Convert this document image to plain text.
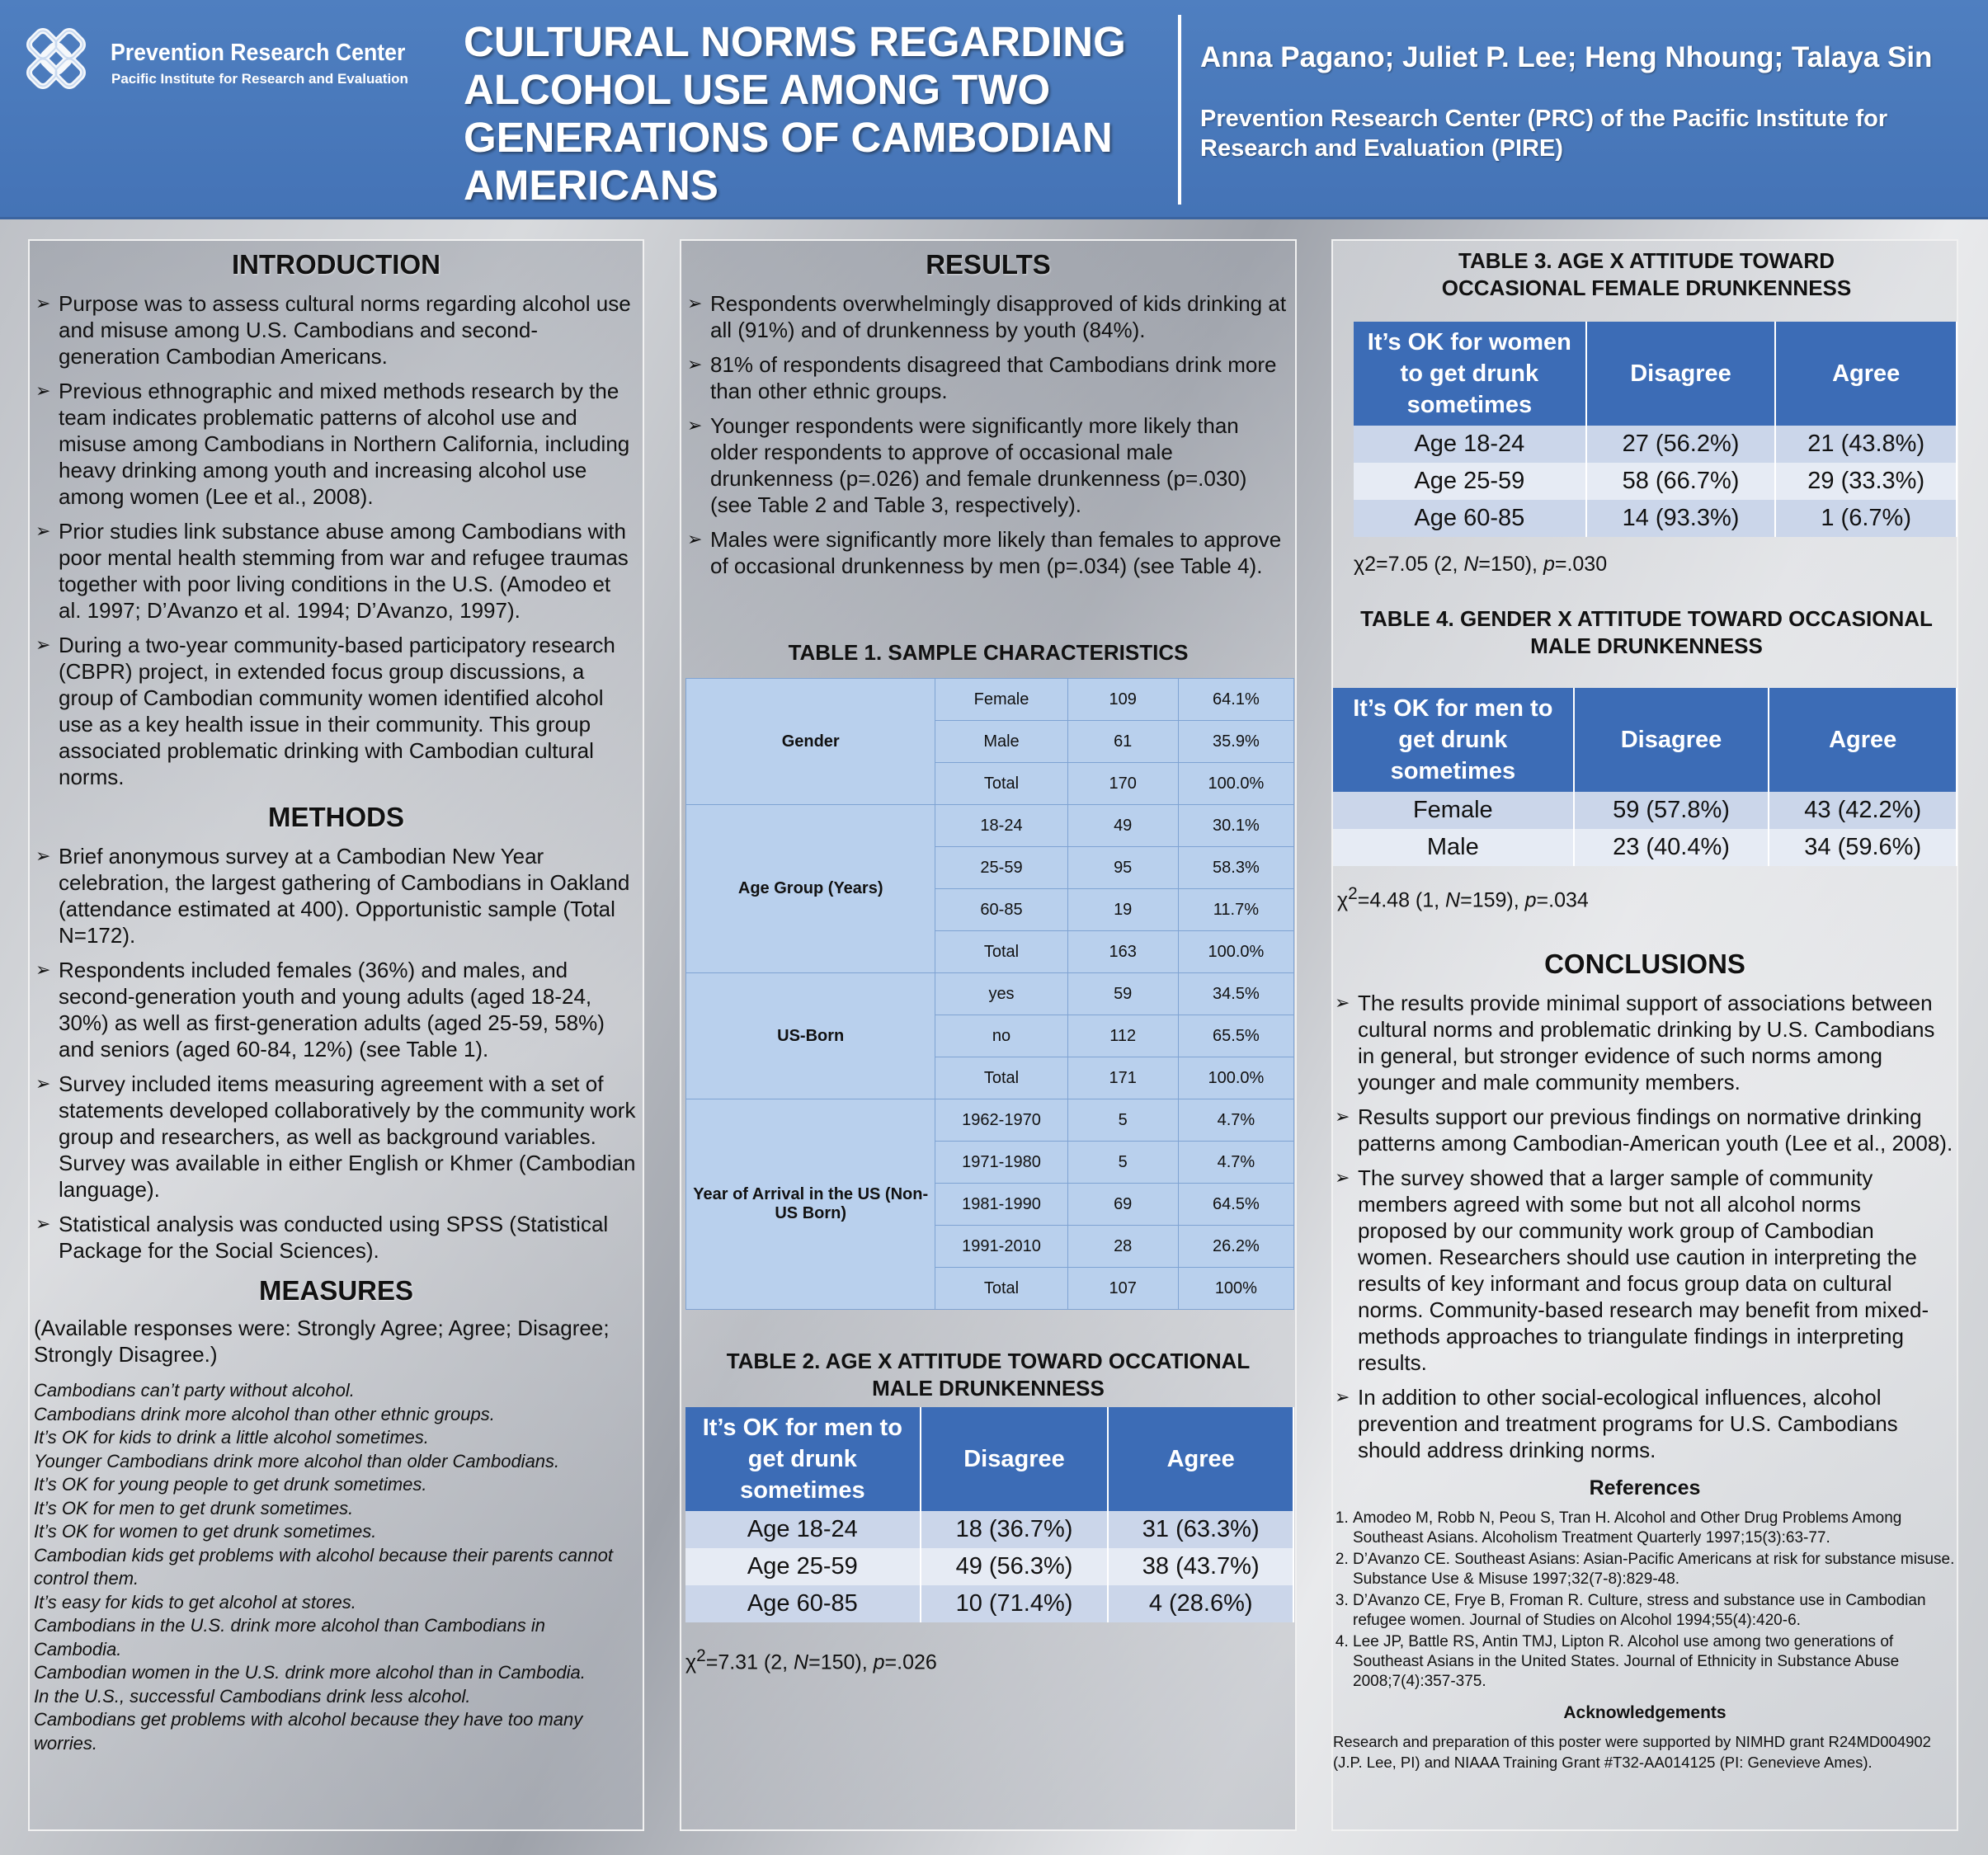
Prevention Research Center
Pacific Institute for Research and Evaluation
CULTURAL NORMS REGARDING ALCOHOL USE AMONG TWO GENERATIONS OF CAMBODIAN AMERICANS
Anna Pagano; Juliet P. Lee; Heng Nhoung; Talaya Sin
Prevention Research Center (PRC) of the Pacific Institute for Research and Evaluation (PIRE)
INTRODUCTION
➢ Purpose was to assess cultural norms regarding alcohol use and misuse among U.S. Cambodians and second-generation Cambodian Americans.
➢ Previous ethnographic and mixed methods research by the team indicates problematic patterns of alcohol use and misuse among Cambodians in Northern California, including heavy drinking among youth and increasing alcohol use among women (Lee et al., 2008).
➢ Prior studies link substance abuse among Cambodians with poor mental health stemming from war and refugee traumas together with poor living conditions in the U.S. (Amodeo et al. 1997; D’Avanzo et al. 1994; D’Avanzo, 1997).
➢ During a two-year community-based participatory research (CBPR) project, in extended focus group discussions, a group of Cambodian community women identified alcohol use as a key health issue in their community. This group associated problematic drinking with Cambodian cultural norms.
METHODS
➢ Brief anonymous survey at a Cambodian New Year celebration, the largest gathering of Cambodians in Oakland (attendance estimated at 400). Opportunistic sample (Total N=172).
➢ Respondents included females (36%) and males, and second-generation youth and young adults (aged 18-24, 30%) as well as first-generation adults (aged 25-59, 58%) and seniors (aged 60-84, 12%) (see Table 1).
➢ Survey included items measuring agreement with a set of statements developed collaboratively by the community work group and researchers, as well as background variables. Survey was available in either English or Khmer (Cambodian language).
➢ Statistical analysis was conducted using SPSS (Statistical Package for the Social Sciences).
MEASURES

(Available responses were: Strongly Agree; Agree; Disagree; Strongly Disagree.)

Cambodians can’t party without alcohol.
Cambodians drink more alcohol than other ethnic groups.
It’s OK for kids to drink a little alcohol sometimes.
Younger Cambodians drink more alcohol than older Cambodians.
It’s OK for young people to get drunk sometimes.
It’s OK for men to get drunk sometimes.
It’s OK for women to get drunk sometimes.
Cambodian kids get problems with alcohol because their parents cannot control them.
It’s easy for kids to get alcohol at stores.
Cambodians in the U.S. drink more alcohol than Cambodians in Cambodia.
Cambodian women in the U.S. drink more alcohol than in Cambodia.
In the U.S., successful Cambodians drink less alcohol.
Cambodians get problems with alcohol because they have too many worries.
RESULTS
➢ Respondents overwhelmingly disapproved of kids drinking at all (91%) and of drunkenness by youth (84%).
➢ 81% of respondents disagreed that Cambodians drink more than other ethnic groups.
➢ Younger respondents were significantly more likely than older respondents to approve of occasional male drunkenness (p=.026) and female drunkenness (p=.030) (see Table 2 and Table 3, respectively).
➢ Males were significantly more likely than females to approve of occasional drunkenness by men (p=.034) (see Table 4).
TABLE 1. SAMPLE CHARACTERISTICS
Gender	Female	109	64.1%
	Male	61	35.9%
	Total	170	100.0%
Age Group (Years)	18-24	49	30.1%
	25-59	95	58.3%
	60-85	19	11.7%
	Total	163	100.0%
US-Born	yes	59	34.5%
	no	112	65.5%
	Total	171	100.0%
Year of Arrival in the US (Non-US Born)	1962-1970	5	4.7%
	1971-1980	5	4.7%
	1981-1990	69	64.5%
	1991-2010	28	26.2%
	Total	107	100%
TABLE 2. AGE X ATTITUDE TOWARD OCCATIONAL MALE DRUNKENNESS
It’s OK for men to get drunk sometimes	Disagree	Agree
Age 18-24	18 (36.7%)	31 (63.3%)
Age 25-59	49 (56.3%)	38 (43.7%)
Age 60-85	10 (71.4%)	4 (28.6%)
$\chi^2=7.31$ (2, N=150), p=.026
TABLE 3. AGE X ATTITUDE TOWARD OCCASIONAL FEMALE DRUNKENNESS
It’s OK for women to get drunk sometimes	Disagree	Agree
Age 18-24	27 (56.2%)	21 (43.8%)
Age 25-59	58 (66.7%)	29 (33.3%)
Age 60-85	14 (93.3%)	1 (6.7%)
χ2=7.05 (2, N=150), p=.030
TABLE 4. GENDER X ATTITUDE TOWARD OCCASIONAL MALE DRUNKENNESS
It’s OK for men to get drunk sometimes	Disagree	Agree
Female	59 (57.8%)	43 (42.2%)
Male	23 (40.4%)	34 (59.6%)
$\chi^2=4.48$ (1, N=159), p=.034
CONCLUSIONS
➢ The results provide minimal support of associations between cultural norms and problematic drinking by U.S. Cambodians in general, but stronger evidence of such norms among younger and male community members.
➢ Results support our previous findings on normative drinking patterns among Cambodian-American youth (Lee et al., 2008).
➢ The survey showed that a larger sample of community members agreed with some but not all alcohol norms proposed by our community work group of Cambodian women. Researchers should use caution in interpreting the results of key informant and focus group data on cultural norms. Community-based research may benefit from mixed-methods approaches to triangulate findings in interpreting results.
➢ In addition to other social-ecological influences, alcohol prevention and treatment programs for U.S. Cambodians should address drinking norms.
References
1. Amodeo M, Robb N, Peou S, Tran H. Alcohol and Other Drug Problems Among Southeast Asians. Alcoholism Treatment Quarterly 1997;15(3):63-77.
2. D’Avanzo CE. Southeast Asians: Asian-Pacific Americans at risk for substance misuse. Substance Use & Misuse 1997;32(7-8):829-48.
3. D’Avanzo CE, Frye B, Froman R. Culture, stress and substance use in Cambodian refugee women. Journal of Studies on Alcohol 1994;55(4):420-6.
4. Lee JP, Battle RS, Antin TMJ, Lipton R. Alcohol use among two generations of Southeast Asians in the United States. Journal of Ethnicity in Substance Abuse 2008;7(4):357-375.
Acknowledgements

Research and preparation of this poster were supported by NIMHD grant R24MD004902 (J.P. Lee, PI) and NIAAA Training Grant #T32-AA014125 (PI: Genevieve Ames).
